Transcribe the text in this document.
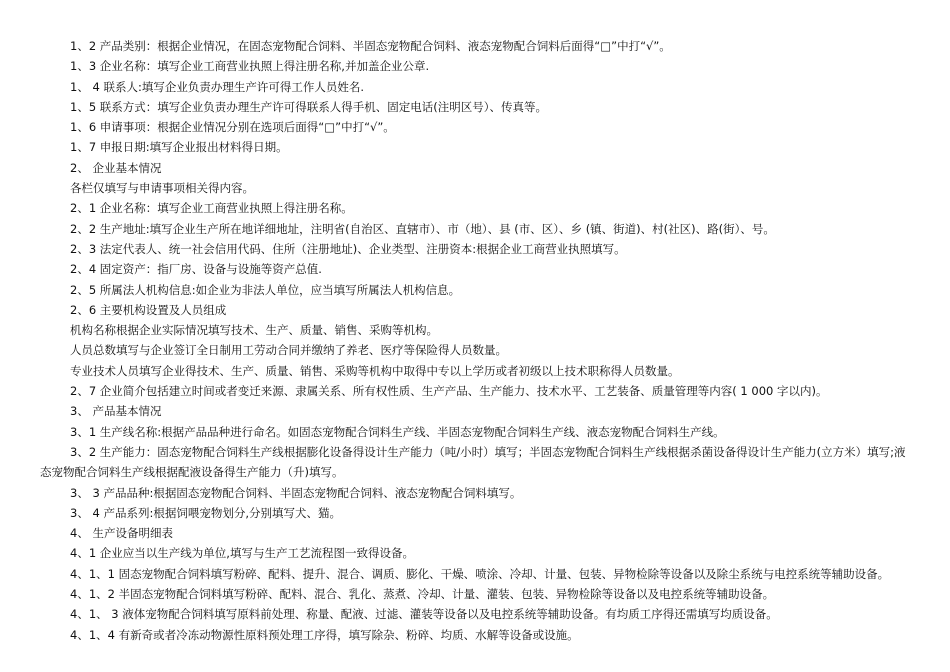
1、2 产品类别：根据企业情况，在固态宠物配合饲料、半固态宠物配合饲料、液态宠物配合饲料后面得“□”中打“√”。
1、3 企业名称：填写企业工商营业执照上得注册名称,并加盖企业公章.
1、 4 联系人:填写企业负责办理生产许可得工作人员姓名.
1、5 联系方式：填写企业负责办理生产许可得联系人得手机、固定电话(注明区号）、传真等。
1、6 申请事项：根据企业情况分别在选项后面得“□”中打“√”。
1、7 申报日期:填写企业报出材料得日期。
2、 企业基本情况
各栏仅填写与申请事项相关得内容。
2、1 企业名称：填写企业工商营业执照上得注册名称。
2、2 生产地址:填写企业生产所在地详细地址，注明省(自治区、直辖市）、市（地）、县 (市、区）、乡 (镇、街道)、村(社区)、路(街）、号。
2、3 法定代表人、统一社会信用代码、住所（注册地址)、企业类型、注册资本:根据企业工商营业执照填写。
2、4 固定资产：指厂房、设备与设施等资产总值.
2、5 所属法人机构信息:如企业为非法人单位，应当填写所属法人机构信息。
2、6 主要机构设置及人员组成
机构名称根据企业实际情况填写技术、生产、质量、销售、采购等机构。
人员总数填写与企业签订全日制用工劳动合同并缴纳了养老、医疗等保险得人员数量。
专业技术人员填写企业得技术、生产、质量、销售、采购等机构中取得中专以上学历或者初级以上技术职称得人员数量。
2、7 企业简介包括建立时间或者变迁来源、隶属关系、所有权性质、生产产品、生产能力、技术水平、工艺装备、质量管理等内容( 1 000 字以内)。
3、 产品基本情况
3、1 生产线名称:根据产品品种进行命名。如固态宠物配合饲料生产线、半固态宠物配合饲料生产线、液态宠物配合饲料生产线。
3、2 生产能力：固态宠物配合饲料生产线根据膨化设备得设计生产能力（吨/小时）填写；半固态宠物配合饲料生产线根据杀菌设备得设计生产能力(立方米）填写;液态宠物配合饲料生产线根据配液设备得生产能力（升)填写。
3、 3 产品品种:根据固态宠物配合饲料、半固态宠物配合饲料、液态宠物配合饲料填写。
3、 4 产品系列:根据饲喂宠物划分,分别填写犬、猫。
4、 生产设备明细表
4、1 企业应当以生产线为单位,填写与生产工艺流程图一致得设备。
4、1、1 固态宠物配合饲料填写粉碎、配料、提升、混合、调质、膨化、干燥、喷涂、冷却、计量、包装、异物检除等设备以及除尘系统与电控系统等辅助设备。
4、1、2 半固态宠物配合饲料填写粉碎、配料、混合、乳化、蒸煮、冷却、计量、灌装、包装、异物检除等设备以及电控系统等辅助设备。
4、1、 3 液体宠物配合饲料填写原料前处理、称量、配液、过滤、灌装等设备以及电控系统等辅助设备。有均质工序得还需填写均质设备。
4、1、4 有新奇或者冷冻动物源性原料预处理工序得，填写除杂、粉碎、均质、水解等设备或设施。
